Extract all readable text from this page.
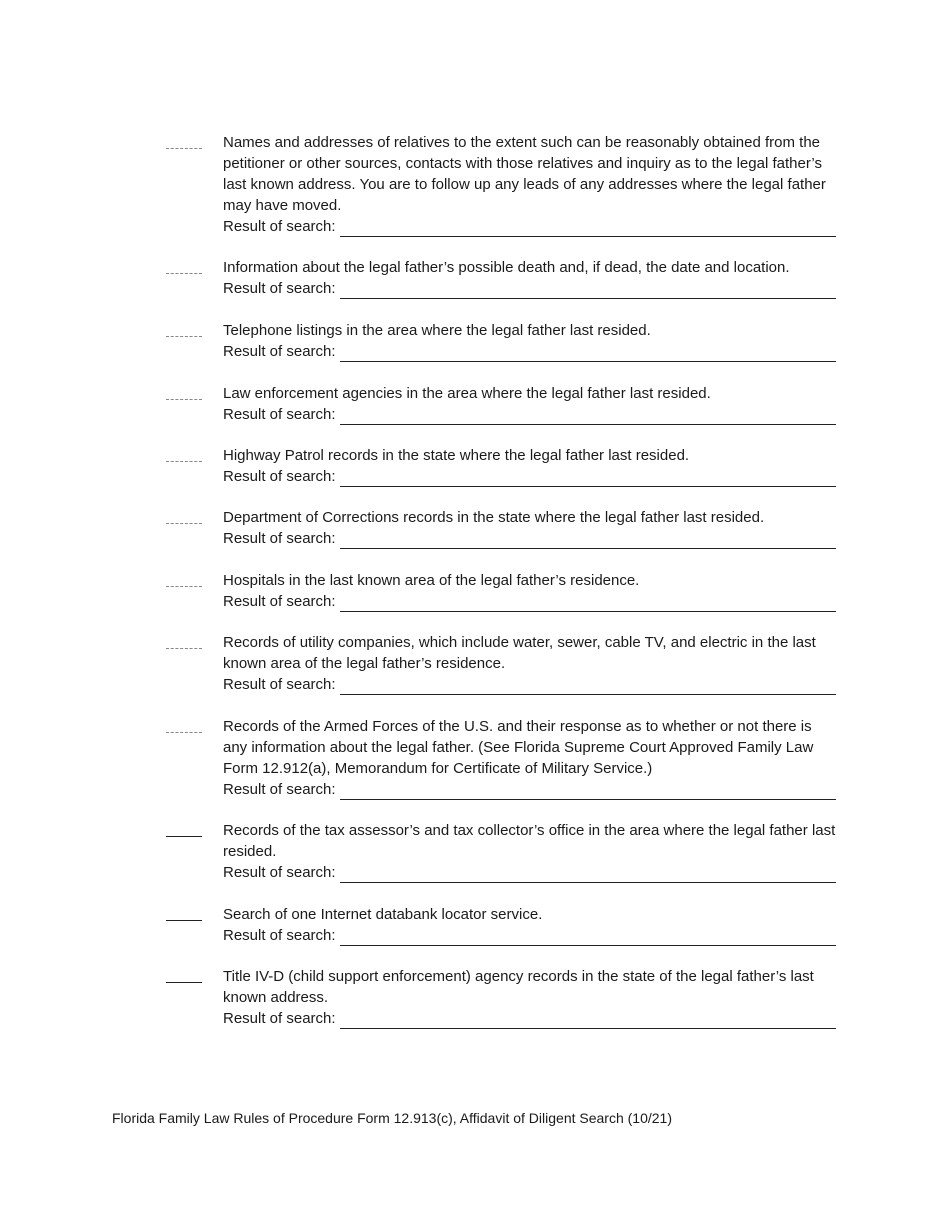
Names and addresses of relatives to the extent such can be reasonably obtained from the petitioner or other sources, contacts with those relatives and inquiry as to the legal father’s last known address. You are to follow up any leads of any addresses where the legal father may have moved.
Result of search:
Information about the legal father’s possible death and, if dead, the date and location.
Result of search:
Telephone listings in the area where the legal father last resided.
Result of search:
Law enforcement agencies in the area where the legal father last resided.
Result of search:
Highway Patrol records in the state where the legal father last resided.
Result of search:
Department of Corrections records in the state where the legal father last resided.
Result of search:
Hospitals in the last known area of the legal father’s residence.
Result of search:
Records of utility companies, which include water, sewer, cable TV, and electric in the last known area of the legal father’s residence.
Result of search:
Records of the Armed Forces of the U.S. and their response as to whether or not there is any information about the legal father. (See Florida Supreme Court Approved Family Law Form 12.912(a), Memorandum for Certificate of Military Service.)
Result of search:
Records of the tax assessor’s and tax collector’s office in the area where the legal father last resided.
Result of search:
Search of one Internet databank locator service.
Result of search:
Title IV-D (child support enforcement) agency records in the state of the legal father’s last known address.
Result of search:
Florida Family Law Rules of Procedure Form 12.913(c), Affidavit of Diligent Search (10/21)
